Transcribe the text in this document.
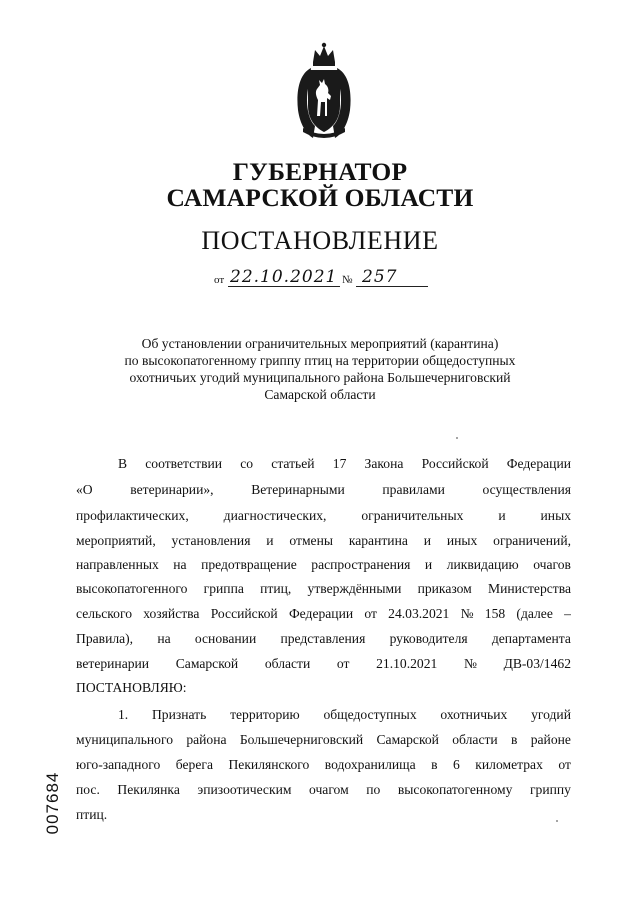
ГУБЕРНАТОР
САМАРСКОЙ ОБЛАСТИ
ПОСТАНОВЛЕНИЕ
от 22.10.2021 № 257
Об установлении ограничительных мероприятий (карантина)
по высокопатогенному гриппу птиц на территории общедоступных
охотничьих угодий муниципального района Большечерниговский
Самарской области
В соответствии со статьей 17 Закона Российской Федерации
«О	ветеринарии»,	Ветеринарными	правилами	осуществления
профилактических,	диагностических,	ограничительных	и	иных
мероприятий, установления и отмены карантина и иных ограничений,
направленных на предотвращение распространения и ликвидацию очагов
высокопатогенного гриппа птиц, утверждёнными приказом Министерства
сельского хозяйства Российской Федерации от 24.03.2021 № 158 (далее –
Правила), на основании представления руководителя департамента
ветеринарии Самарской области от 21.10.2021 № ДВ-03/1462
ПОСТАНОВЛЯЮ:
1. Признать территорию общедоступных охотничьих угодий
муниципального района Большечерниговский Самарской области в районе
юго-западного берега Пекилянского водохранилища в 6 километрах от
пос. Пекилянка эпизоотическим очагом по высокопатогенному гриппу
птиц.
007684
